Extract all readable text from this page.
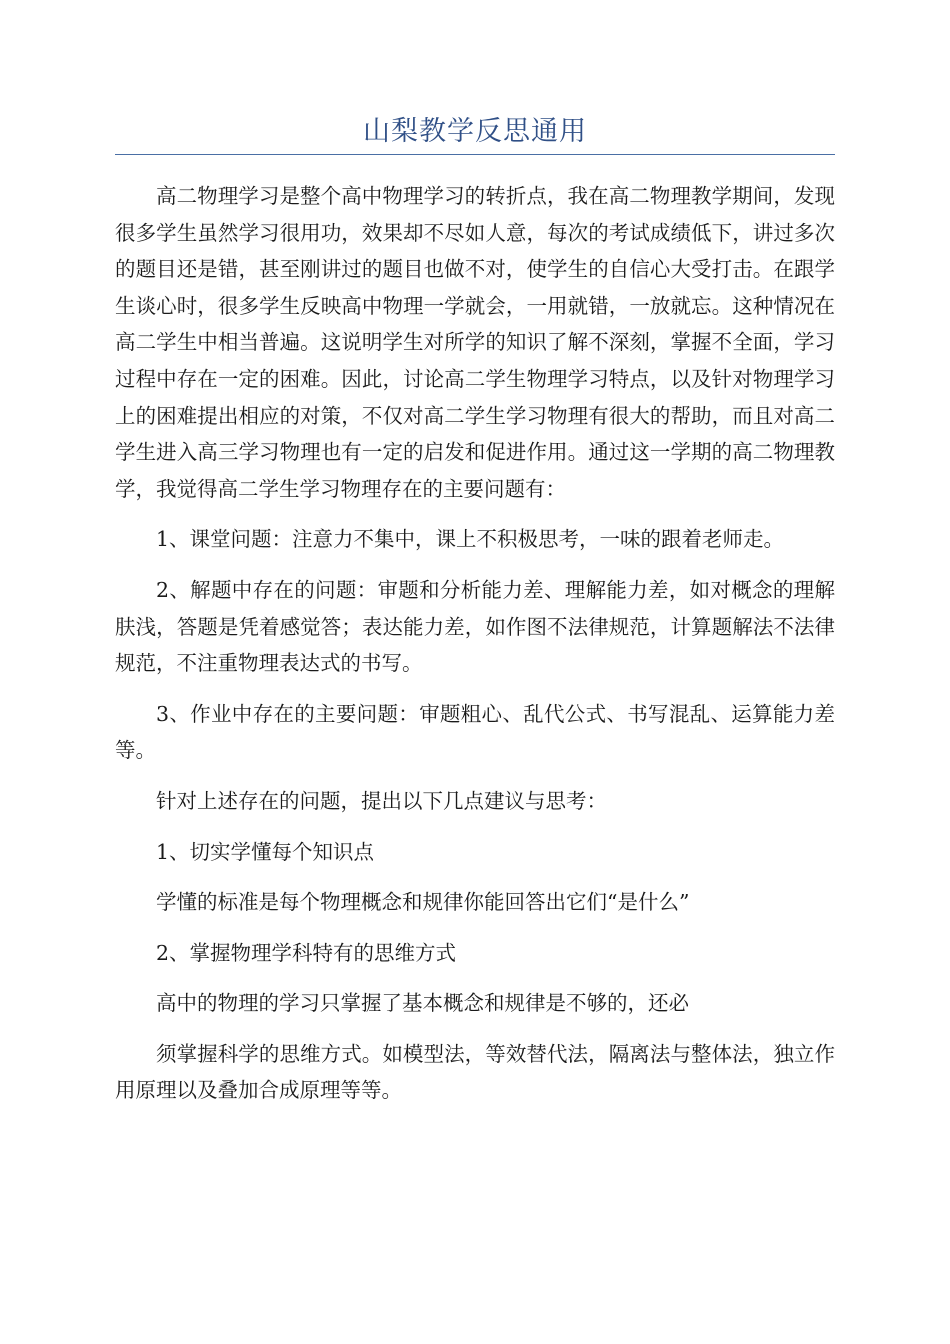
山梨教学反思通用

高二物理学习是整个高中物理学习的转折点，我在高二物理教学期间，发现很多学生虽然学习很用功，效果却不尽如人意，每次的考试成绩低下，讲过多次的题目还是错，甚至刚讲过的题目也做不对，使学生的自信心大受打击。在跟学生谈心时，很多学生反映高中物理一学就会，一用就错，一放就忘。这种情况在高二学生中相当普遍。这说明学生对所学的知识了解不深刻，掌握不全面，学习过程中存在一定的困难。因此，讨论高二学生物理学习特点，以及针对物理学习上的困难提出相应的对策，不仅对高二学生学习物理有很大的帮助，而且对高二学生进入高三学习物理也有一定的启发和促进作用。通过这一学期的高二物理教学，我觉得高二学生学习物理存在的主要问题有：

1、课堂问题：注意力不集中，课上不积极思考，一味的跟着老师走。

2、解题中存在的问题：审题和分析能力差、理解能力差，如对概念的理解肤浅，答题是凭着感觉答；表达能力差，如作图不法律规范，计算题解法不法律规范，不注重物理表达式的书写。

3、作业中存在的主要问题：审题粗心、乱代公式、书写混乱、运算能力差等。

针对上述存在的问题，提出以下几点建议与思考：

1、切实学懂每个知识点

学懂的标准是每个物理概念和规律你能回答出它们“是什么”

2、掌握物理学科特有的思维方式

高中的物理的学习只掌握了基本概念和规律是不够的，还必

须掌握科学的思维方式。如模型法，等效替代法，隔离法与整体法，独立作用原理以及叠加合成原理等等。
